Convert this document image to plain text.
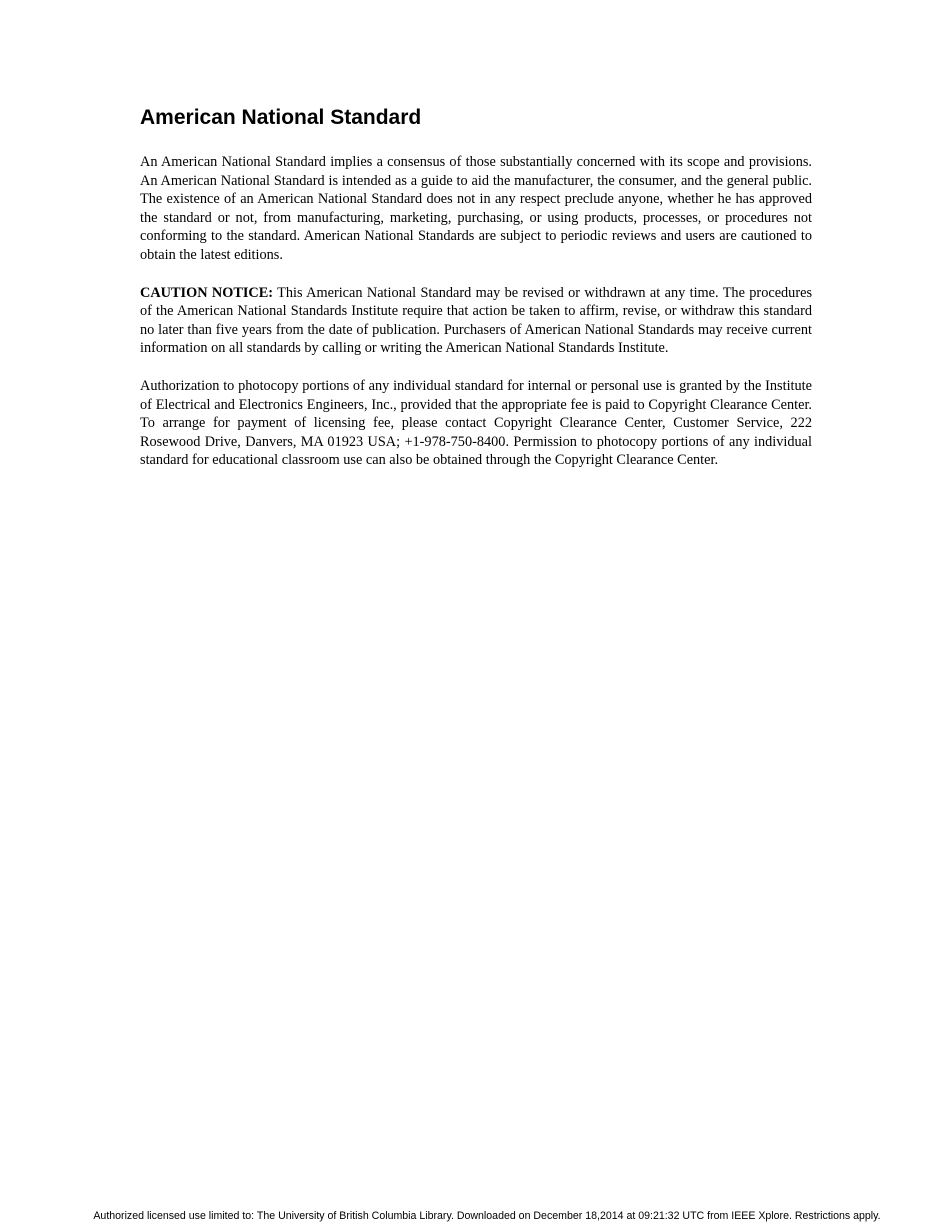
American National Standard

An American National Standard implies a consensus of those substantially concerned with its scope and provisions. An American National Standard is intended as a guide to aid the manufacturer, the consumer, and the general public. The existence of an American National Standard does not in any respect preclude anyone, whether he has approved the standard or not, from manufacturing, marketing, purchasing, or using products, processes, or procedures not conforming to the standard. American National Standards are subject to periodic reviews and users are cautioned to obtain the latest editions.

CAUTION NOTICE: This American National Standard may be revised or withdrawn at any time. The procedures of the American National Standards Institute require that action be taken to affirm, revise, or withdraw this standard no later than five years from the date of publication. Purchasers of American National Standards may receive current information on all standards by calling or writing the American National Standards Institute.

Authorization to photocopy portions of any individual standard for internal or personal use is granted by the Institute of Electrical and Electronics Engineers, Inc., provided that the appropriate fee is paid to Copyright Clearance Center. To arrange for payment of licensing fee, please contact Copyright Clearance Center, Customer Service, 222 Rosewood Drive, Danvers, MA 01923 USA; +1-978-750-8400. Permission to photocopy portions of any individual standard for educational classroom use can also be obtained through the Copyright Clearance Center.

Authorized licensed use limited to: The University of British Columbia Library. Downloaded on December 18,2014 at 09:21:32 UTC from IEEE Xplore. Restrictions apply.
